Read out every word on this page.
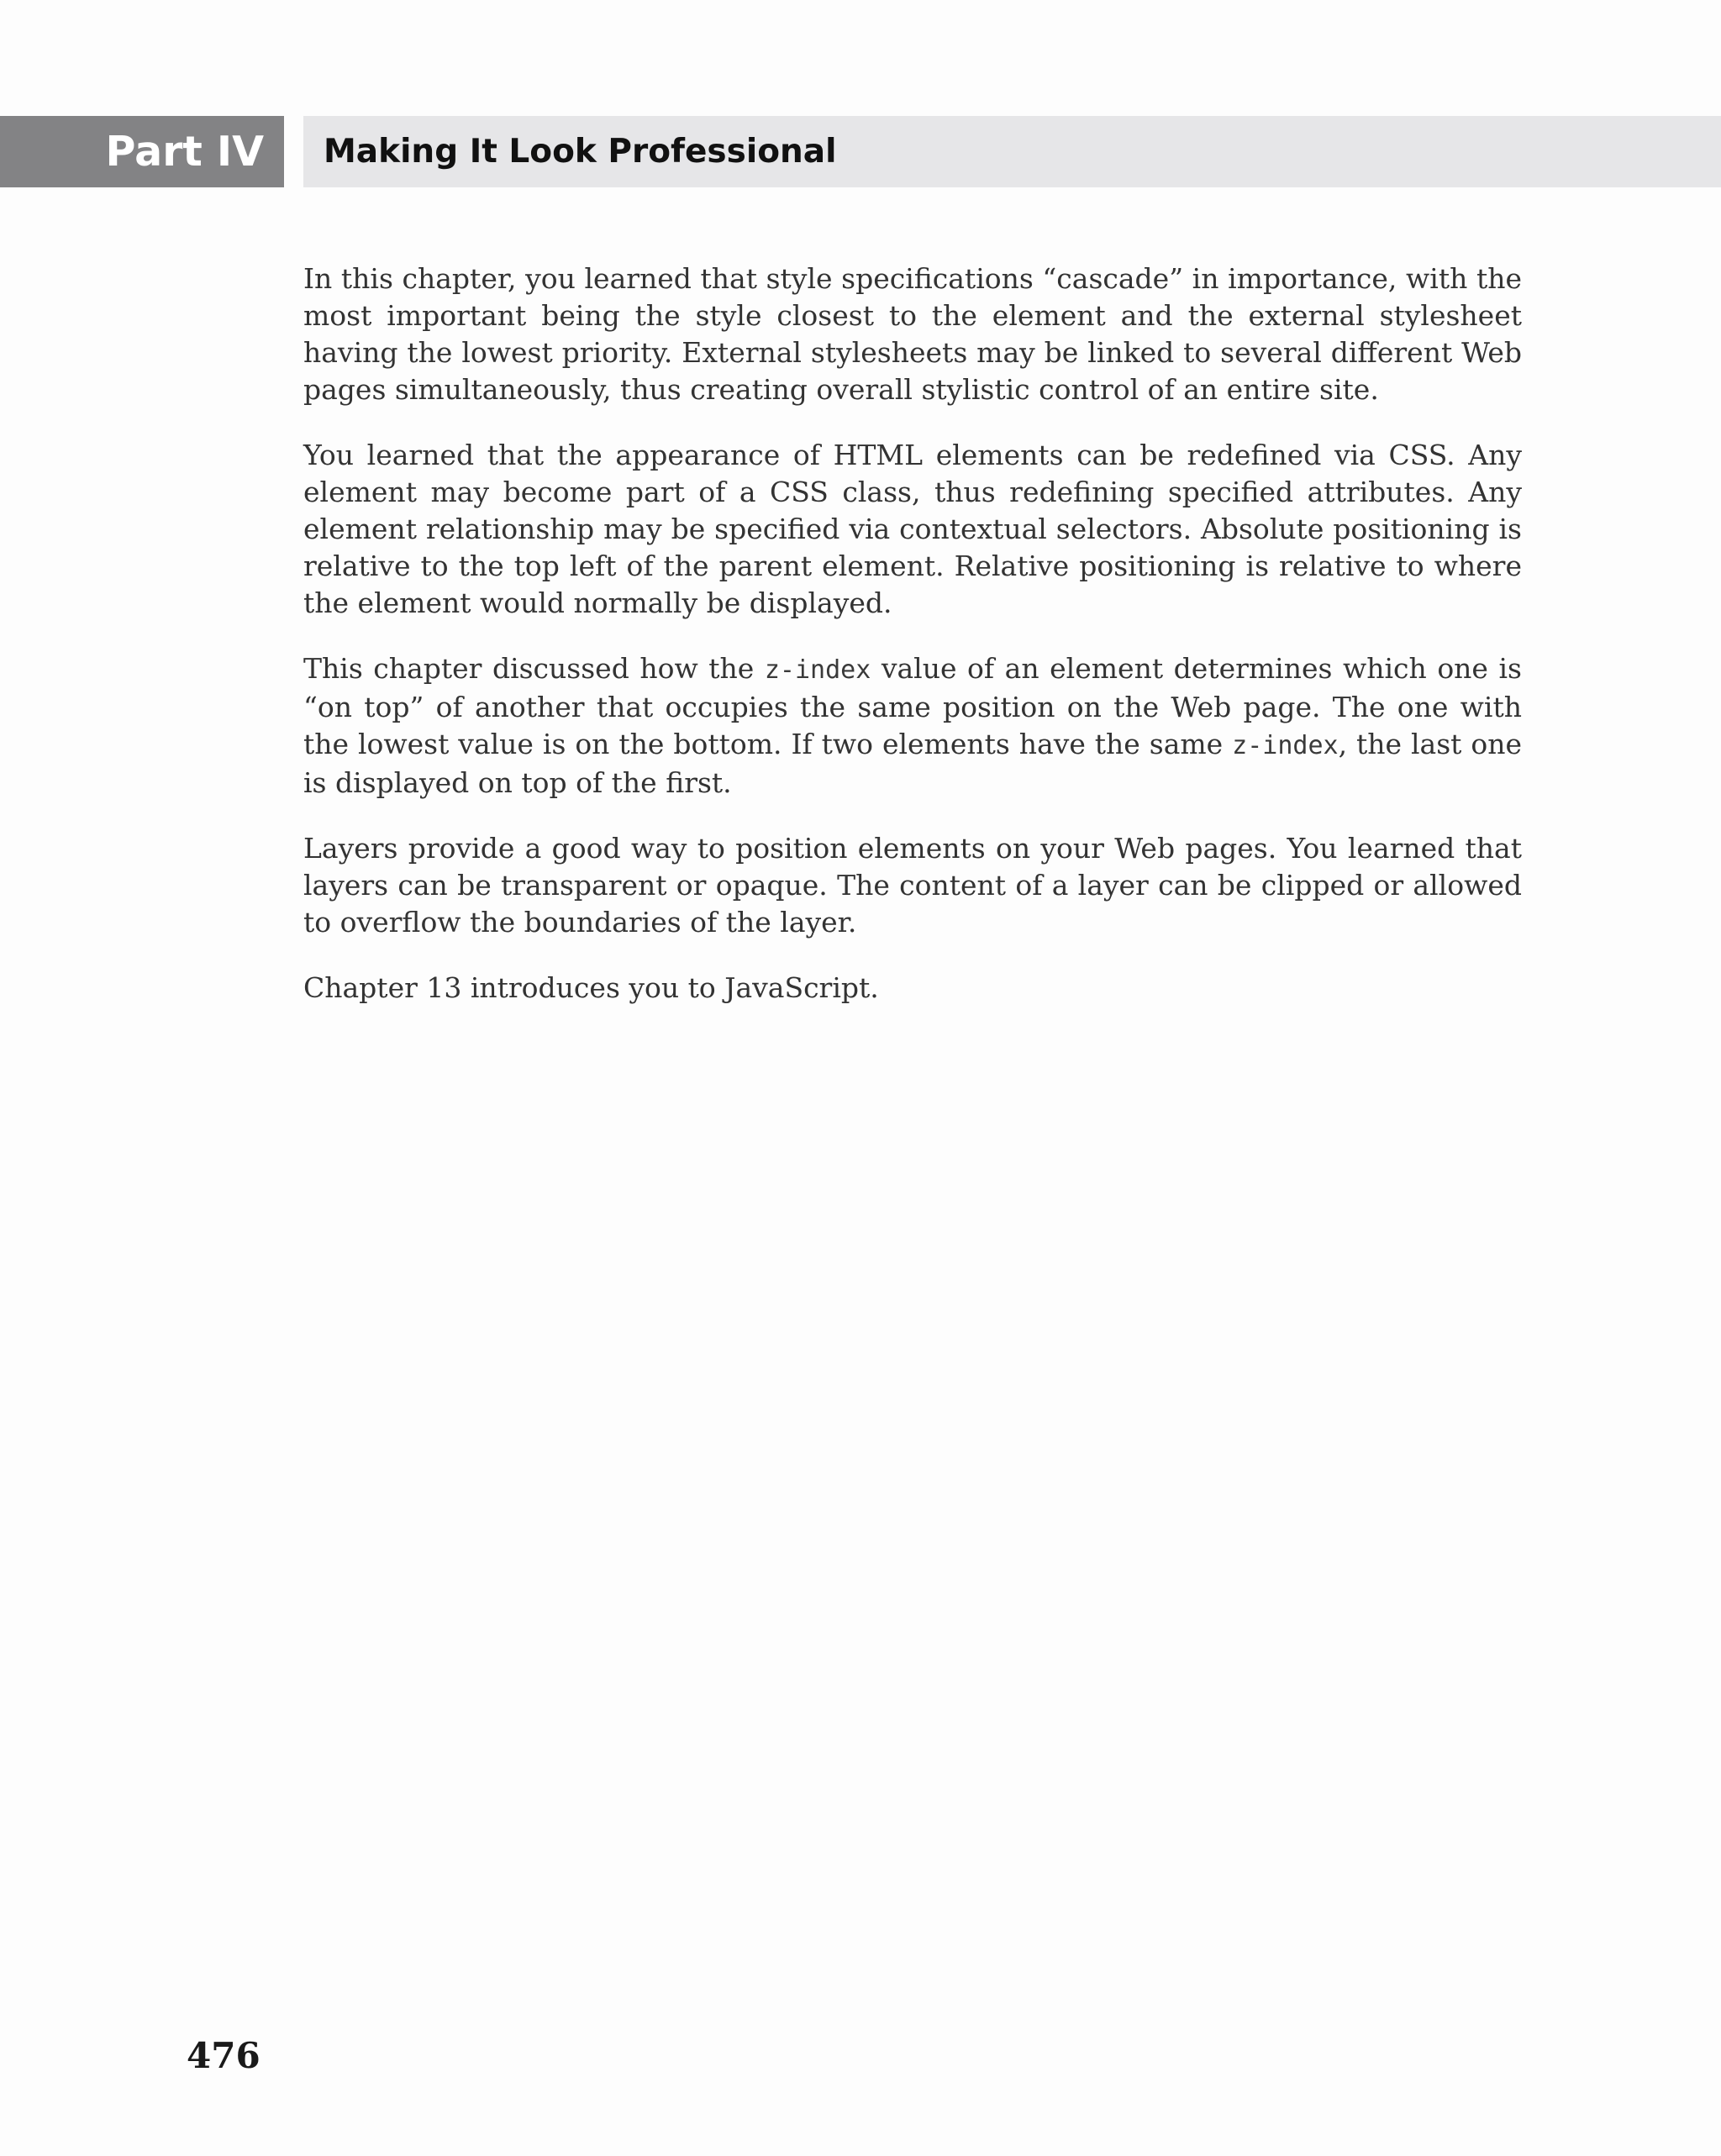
Part IV Making It Look Professional

In this chapter, you learned that style specifications “cascade” in importance, with the most important being the style closest to the element and the external stylesheet having the lowest priority. External stylesheets may be linked to several different Web pages simultaneously, thus creating overall stylistic control of an entire site.

You learned that the appearance of HTML elements can be redefined via CSS. Any element may become part of a CSS class, thus redefining specified attributes. Any element relationship may be specified via contextual selectors. Absolute positioning is relative to the top left of the parent element. Relative positioning is relative to where the element would normally be displayed.

This chapter discussed how the z-index value of an element determines which one is “on top” of another that occupies the same position on the Web page. The one with the lowest value is on the bottom. If two elements have the same z-index, the last one is displayed on top of the first.

Layers provide a good way to position elements on your Web pages. You learned that layers can be transparent or opaque. The content of a layer can be clipped or allowed to overflow the boundaries of the layer.

Chapter 13 introduces you to JavaScript.

476
